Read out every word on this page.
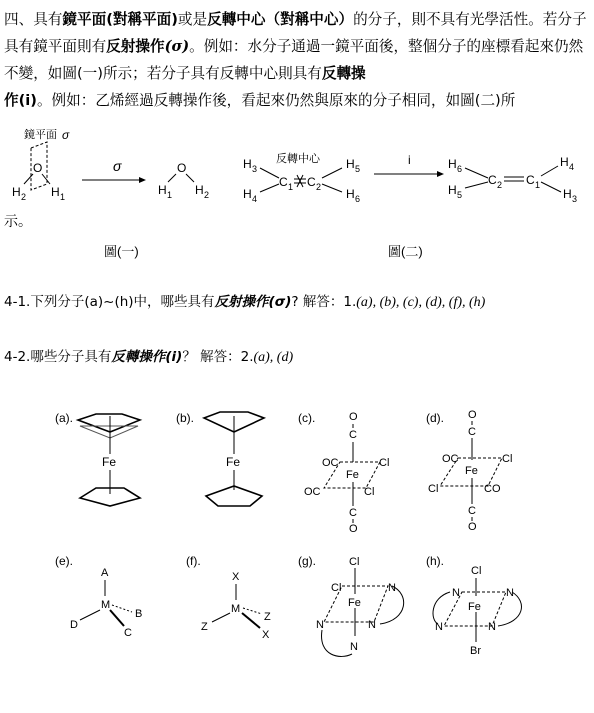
四、具有鏡平面(對稱平面)或是反轉中心（對稱中心）的分子，則不具有光學活性。若分子具有鏡平面則有反射操作(σ)。例如：水分子通過一鏡平面後，整個分子的座標看起來仍然不變，如圖(一)所示；若分子具有反轉中心則具有反轉操
作(i)。例如：乙烯經過反轉操作後，看起來仍然與原來的分子相同，如圖(二)所
鏡平面 σ
O
H 2 H 1
σ	O
H 1 H 2
反轉中心
H 3
H 4
C 1 C 2
H 5
H 6
i	H 6
H 5
C 2 C 1
H 4
H 3
示。
圖(一)	圖(二)
4-1.下列分子(a)~(h)中，哪些具有反射操作(σ)? 解答：1.(a), (b), (c), (d), (f), (h)
4-2.哪些分子具有反轉操作(i)？ 解答：2.(a), (d)
(a).
Fe
(b).
Fe
(c).	O
C
OC	Cl
Fe
OC	Cl
C
O
(d). O
C
OC	Cl
Fe
Cl	CO
C
O
(e).
A
M
B
C
D
(f).
X
M
Z
X
Z
(g).	Cl
Cl	N
Fe
N	N
N
(h).
Cl
N	N
Fe
N	N
Br
